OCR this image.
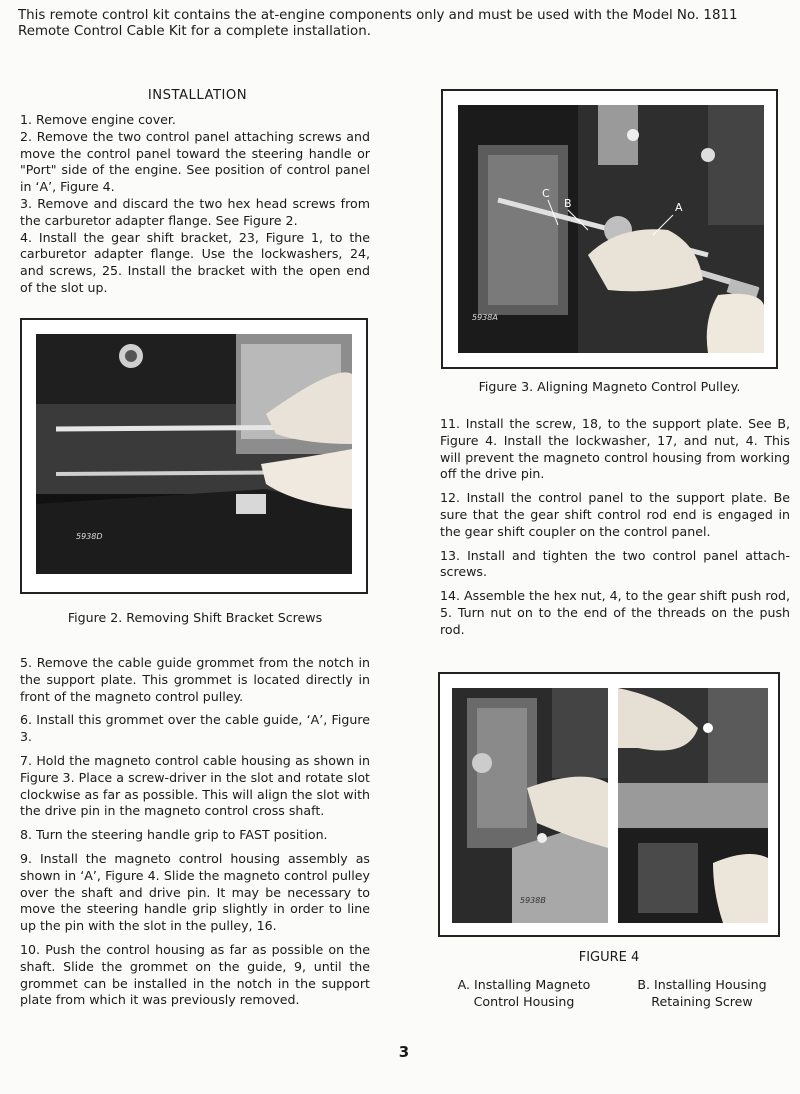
This remote control kit contains the at-engine components only and must be used with the Model No. 1811 Remote Control Cable Kit for a complete installation.
INSTALLATION

1. Remove engine cover.

2. Remove the two control panel attaching screws and move the control panel toward the steering handle or "Port" side of the engine. See position of control panel in ‘A’, Figure 4.

3. Remove and discard the two hex head screws from the carburetor adapter flange. See Figure 2.

4. Install the gear shift bracket, 23, Figure 1, to the carburetor adapter flange. Use the lockwashers, 24, and screws, 25. Install the bracket with the open end of the slot up.

5938D
Figure 2. Removing Shift Bracket Screws

5. Remove the cable guide grommet from the notch in the support plate. This grommet is located directly in front of the magneto control pulley.

6. Install this grommet over the cable guide, ‘A’, Figure 3.

7. Hold the magneto control cable housing as shown in Figure 3. Place a screw-driver in the slot and rotate slot clockwise as far as possible. This will align the slot with the drive pin in the magneto control cross shaft.

8. Turn the steering handle grip to FAST position.

9. Install the magneto control housing assembly as shown in ‘A’, Figure 4. Slide the magneto control pulley over the shaft and drive pin. It may be necessary to move the steering handle grip slightly in order to line up the pin with the slot in the pulley, 16.

10. Push the control housing as far as possible on the shaft. Slide the grommet on the guide, 9, until the grommet can be installed in the notch in the support plate from which it was previously removed.

C
B	A
5938A
Figure 3. Aligning Magneto Control Pulley.

11. Install the screw, 18, to the support plate. See B, Figure 4. Install the lockwasher, 17, and nut, 4. This will prevent the magneto control housing from working off the drive pin.

12. Install the control panel to the support plate. Be sure that the gear shift control rod end is engaged in the gear shift coupler on the control panel.

13. Install and tighten the two control panel attach-screws.

14. Assemble the hex nut, 4, to the gear shift push rod, 5. Turn nut on to the end of the threads on the push rod.

5938B
FIGURE 4
A. Installing Magneto
Control Housing
B. Installing Housing
Retaining Screw
3
